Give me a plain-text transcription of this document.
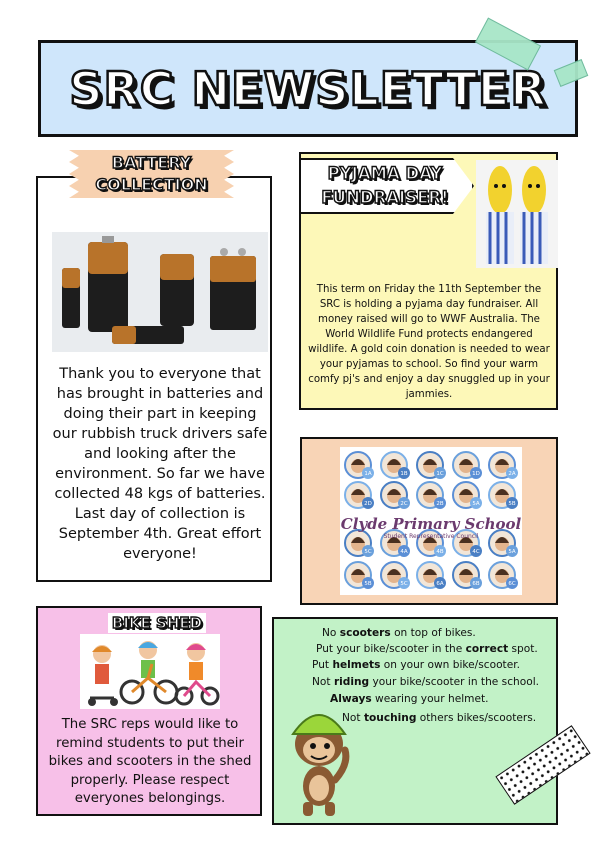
SRC NEWSLETTER
BATTERY
COLLECTION
Thank you to everyone that has brought in batteries and doing their part in keeping our rubbish truck drivers safe and looking after the environment. So far we have collected 48 kgs of batteries. Last day of collection is September 4th. Great effort everyone!
PYJAMA DAY
FUNDRAISER!
This term on Friday the 11th September the SRC is holding a pyjama day fundraiser. All money raised will go to WWF Australia. The World Wildlife Fund protects endangered wildlife. A gold coin donation is needed to wear your pyjamas to school. So find your warm comfy pj's and enjoy a day snuggled up in your jammies.
1A	1B	1C	1D	2A
2D	2C	2B	5A	5B
5C	4A	4B	4C	5A
5B	5C	6A	6B	6C
Clyde Primary School
Student Representative Council
BIKE SHED
The SRC reps would like to remind students to put their bikes and scooters in the shed properly. Please respect everyones belongings.
No scooters on top of bikes.
Put your bike/scooter in the correct spot.
Put helmets on your own bike/scooter.
Not riding your bike/scooter in the school.
Always wearing your helmet.
Not touching others bikes/scooters.
